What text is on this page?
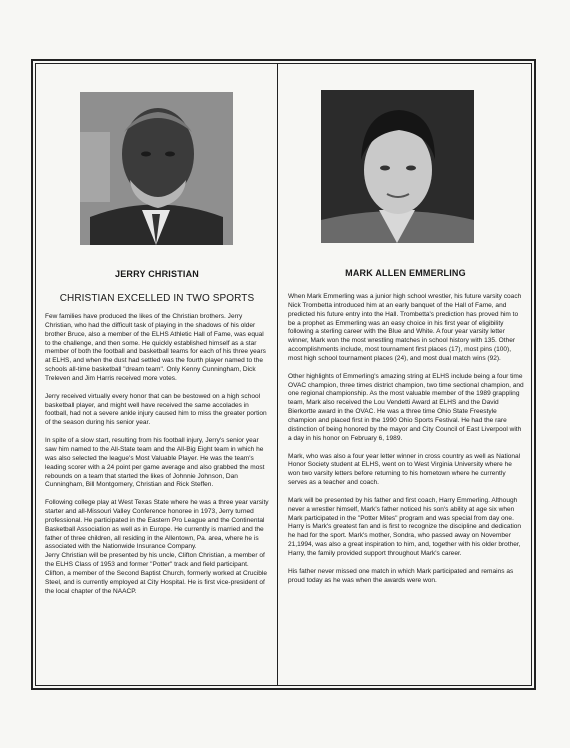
JERRY CHRISTIAN
CHRISTIAN EXCELLED IN TWO SPORTS

Few families have produced the likes of the Christian brothers. Jerry Christian, who had the difficult task of playing in the shadows of his older brother Bruce, also a member of the ELHS Athletic Hall of Fame, was equal to the challenge, and then some. He quickly established himself as a star member of both the football and basketball teams for each of his three years at ELHS, and when the dust had settled was the fourth player named to the schools all-time basketball "dream team". Only Kenny Cunningham, Dick Treleven and Jim Harris received more votes.

Jerry received virtually every honor that can be bestowed on a high school basketball player, and might well have received the same accolades in football, had not a severe ankle injury caused him to miss the greater portion of the season during his senior year.

In spite of a slow start, resulting from his football injury, Jerry's senior year saw him named to the All-State team and the All-Big Eight team in which he was also selected the league's Most Valuable Player. He was the team's leading scorer with a 24 point per game average and also grabbed the most rebounds on a team that started the likes of Johnnie Johnson, Dan Cunningham, Bill Montgomery, Christian and Rick Steffen.

Following college play at West Texas State where he was a three year varsity starter and all-Missouri Valley Conference honoree in 1973, Jerry turned professional. He participated in the Eastern Pro League and the Continental Basketball Association as well as in Europe. He currently is married and the father of three children, all residing in the Allentown, Pa. area, where he is associated with the Nationwide Insurance Company.
Jerry Christian will be presented by his uncle, Clifton Christian, a member of the ELHS Class of 1953 and former "Potter" track and field participant. Clifton, a member of the Second Baptist Church, formerly worked at Crucible Steel, and is currently employed at City Hospital. He is first vice-president of the local chapter of the NAACP.

MARK ALLEN EMMERLING

When Mark Emmerling was a junior high school wrestler, his future varsity coach Nick Trombetta introduced him at an early banquet of the Hall of Fame, and predicted his future entry into the Hall. Trombetta's prediction has proved him to be a prophet as Emmerling was an easy choice in his first year of eligibility following a sterling career with the Blue and White. A four year varsity letter winner, Mark won the most wrestling matches in school history with 135. Other accomplishments include, most tournament first places (17), most pins (100), most high school tournament places (24), and most dual match wins (92).

Other highlights of Emmerling's amazing string at ELHS include being a four time OVAC champion, three times district champion, two time sectional champion, and one regional championship. As the most valuable member of the 1989 grappling team, Mark also received the Lou Vendetti Award at ELHS and the David Bierkortte award in the OVAC. He was a three time Ohio State Freestyle champion and placed first in the 1990 Ohio Sports Festival. He had the rare distinction of being honored by the mayor and City Council of East Liverpool with a day in his honor on February 6, 1989.

Mark, who was also a four year letter winner in cross country as well as National Honor Society student at ELHS, went on to West Virginia University where he won two varsity letters before returning to his hometown where he currently serves as a teacher and coach.

Mark will be presented by his father and first coach, Harry Emmerling. Although never a wrestler himself, Mark's father noticed his son's ability at age six when Mark participated in the "Potter Mites" program and was special from day one. Harry is Mark's greatest fan and is first to recognize the discipline and dedication he had for the sport. Mark's mother, Sondra, who passed away on November 21,1994, was also a great inspiration to him, and, together with his older brother, Harry, the family provided support throughout Mark's career.

His father never missed one match in which Mark participated and remains as proud today as he was when the awards were won.
